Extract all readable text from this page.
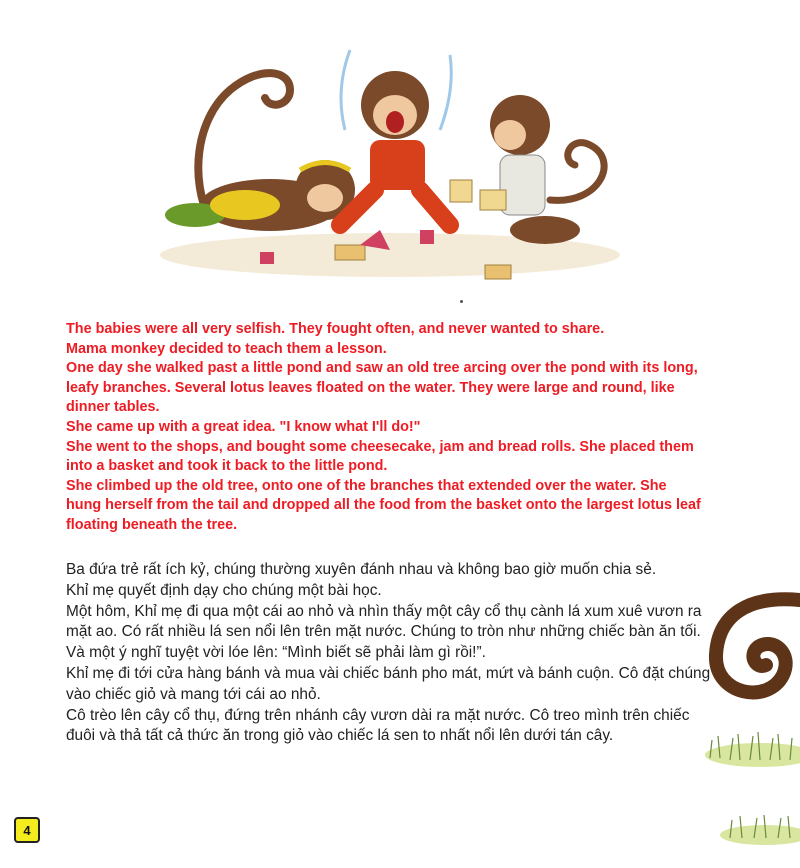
The babies were all very selfish. They fought often, and never wanted to share.
Mama monkey decided to teach them a lesson.
One day she walked past a little pond and saw an old tree arcing over the pond with its long,
leafy branches. Several lotus leaves floated on the water. They were large and round, like
dinner tables.
She came up with a great idea. "I know what I'll do!"
She went to the shops, and bought some cheesecake, jam and bread rolls. She placed them
into a basket and took it back to the little pond.
She climbed up the old tree, onto one of the branches that extended over the water. She
hung herself from the tail and dropped all the food from the basket onto the largest lotus leaf
floating beneath the tree.
Ba đứa trẻ rất ích kỷ, chúng thường xuyên đánh nhau và không bao giờ muốn chia sẻ.
Khỉ mẹ quyết định dạy cho chúng một bài học.
Một hôm, Khỉ mẹ đi qua một cái ao nhỏ và nhìn thấy một cây cổ thụ cành lá xum xuê vươn ra
mặt ao. Có rất nhiều lá sen nổi lên trên mặt nước. Chúng to tròn như những chiếc bàn ăn tối.
Và một ý nghĩ tuyệt vời lóe lên: “Mình biết sẽ phải làm gì rồi!”.
Khỉ mẹ đi tới cửa hàng bánh và mua vài chiếc bánh pho mát, mứt và bánh cuộn. Cô đặt chúng
vào chiếc giỏ và mang tới cái ao nhỏ.
Cô trèo lên cây cổ thụ, đứng trên nhánh cây vươn dài ra mặt nước. Cô treo mình trên chiếc
đuôi và thả tất cả thức ăn trong giỏ vào chiếc lá sen to nhất nổi lên dưới tán cây.
4
